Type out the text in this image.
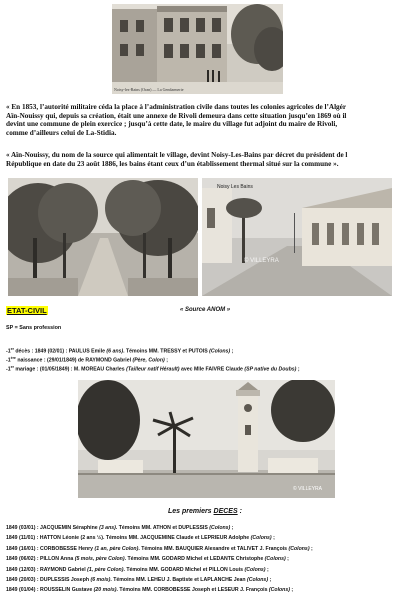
Noisy-les-Bains (Oran) — La Gendarmerie
« En 1853, l’autorité militaire céda la place à l’administration civile dans toutes les colonies agricoles de l’Algér
Aïn-Nouissy qui, depuis sa création, était une annexe de Rivoli demeura dans cette situation jusqu’en 1869 où il
devint une commune de plein exercice ; jusqu’à cette date, le maire du village fut adjoint du maire de Rivoli,
comme d’ailleurs celui de La-Stidia.
« Aïn-Nouissy, du nom de la source qui alimentait le village, devint Noisy-Les-Bains par décret du président de l
République en date du 23 août 1886, les bains étant ceux d’un établissement thermal situé sur la commune ».
Noisy Les Bains
© VILLEYRA
ETAT-CIVIL	« Source ANOM »
SP = Sans profession
-1er décès : 1849 (02/01) : PAULUS Emile (6 ans). Témoins MM. TRESSY et PUTOIS (Colons) ;
-1ère naissance : (29/01/1849) de RAYMOND Gabriel (Père, Colon) ;
-1er mariage : (01/05/1849) : M. MOREAU Charles (Tailleur natif Hérault) avec Mlle FAIVRE Claude (SP native du Doubs) ;
© VILLEYRA
Les premiers DECES :
1849 (03/01) : JACQUEMIN Séraphine (3 ans). Témoins MM. ATHON et DUPLESSIS (Colons) ;
1849 (11/01) : HATTON Léonie (2 ans ½). Témoins MM. JACQUEMINE Claude et LEPRIEUR Adolphe (Colons) ;
1849 (16/01) : CORBOBESSE Henry (1 an, père Colon). Témoins MM. BAUQUIER Alexandre et TALIVET J. François (Colons) ;
1849 (06/02) : PILLON Anna (5 mois, père Colon). Témoins MM. GODARD Michel et LEDANTE Christophe (Colons) ;
1849 (12/03) : RAYMOND Gabriel (1, père Colon). Témoins MM. GODARD Michel et PILLON Louis (Colons) ;
1849 (20/03) : DUPLESSIS Joseph (6 mois). Témoins MM. LEHEU J. Baptiste et LAPLANCHE Jean (Colons) ;
1849 (01/04) : ROUSSELIN Gustave (20 mois). Témoins MM. CORBOBESSE Joseph et LESEUR J. François (Colons) ;
